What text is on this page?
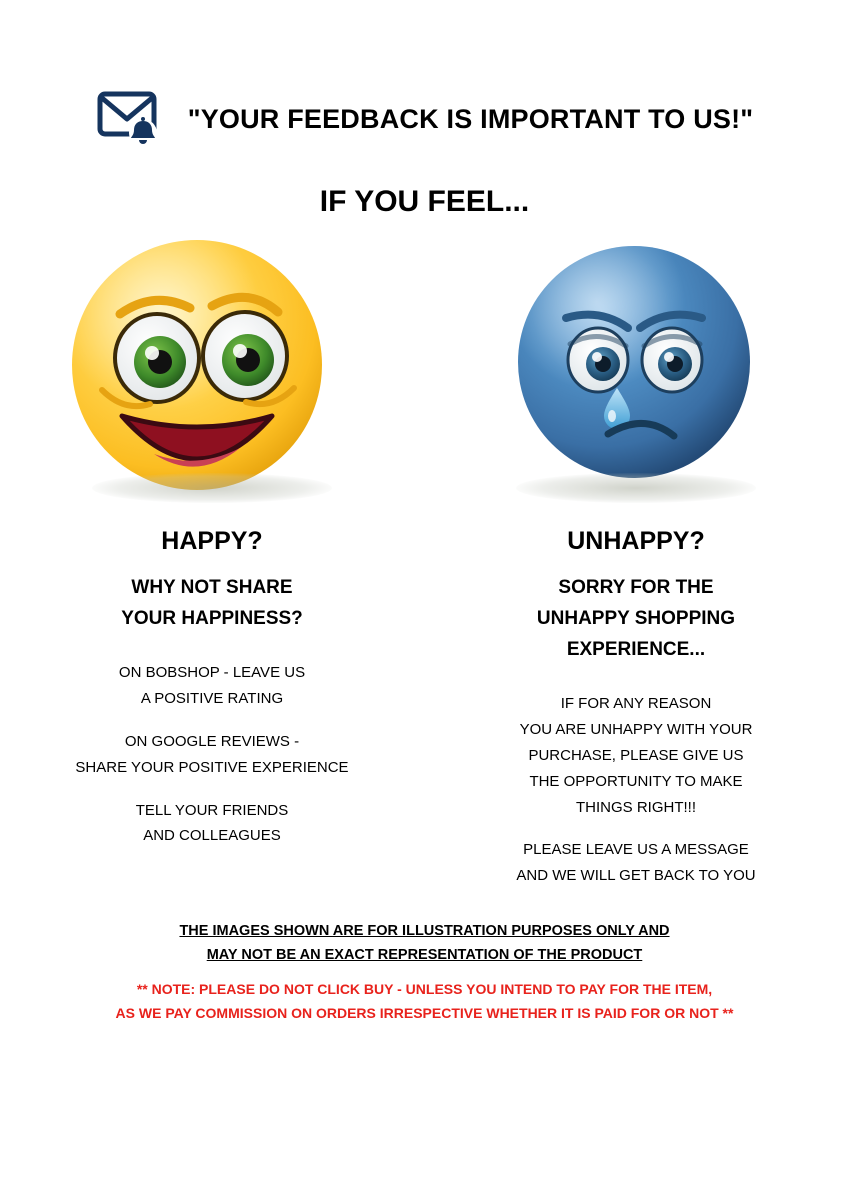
"YOUR FEEDBACK IS IMPORTANT TO US!"
IF YOU FEEL...
HAPPY?
WHY NOT SHARE
YOUR HAPPINESS?
ON BOBSHOP - LEAVE US
A POSITIVE RATING
ON GOOGLE REVIEWS -
SHARE YOUR POSITIVE EXPERIENCE
TELL YOUR FRIENDS
AND COLLEAGUES
UNHAPPY?
SORRY FOR THE
UNHAPPY SHOPPING
EXPERIENCE...
IF FOR ANY REASON
YOU ARE UNHAPPY WITH YOUR
PURCHASE, PLEASE GIVE US
THE OPPORTUNITY TO MAKE
THINGS RIGHT!!!
PLEASE LEAVE US A MESSAGE
AND WE WILL GET BACK TO YOU
THE IMAGES SHOWN ARE FOR ILLUSTRATION PURPOSES ONLY AND
MAY NOT BE AN EXACT REPRESENTATION OF THE PRODUCT
** NOTE: PLEASE DO NOT CLICK BUY - UNLESS YOU INTEND TO PAY FOR THE ITEM,
AS WE PAY COMMISSION ON ORDERS IRRESPECTIVE WHETHER IT IS PAID FOR OR NOT **
